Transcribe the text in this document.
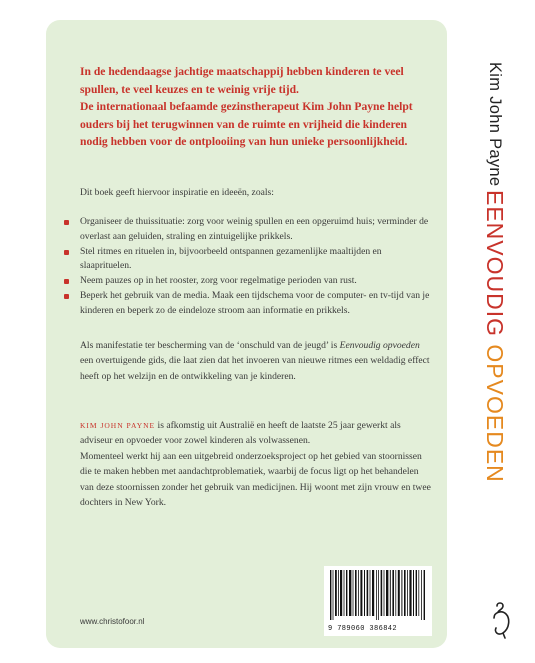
In de hedendaagse jachtige maatschappij hebben kinderen te veel spullen, te veel keuzes en te weinig vrije tijd.

De internationaal befaamde gezinstherapeut Kim John Payne helpt ouders bij het terugwinnen van de ruimte en vrijheid die kinderen nodig hebben voor de ontplooiing van hun unieke persoonlijkheid.

Dit boek geeft hiervoor inspiratie en ideeën, zoals:

Organiseer de thuissituatie: zorg voor weinig spullen en een opgeruimd huis; verminder de overlast aan geluiden, straling en zintuigelijke prikkels.
Stel ritmes en rituelen in, bijvoorbeeld ontspannen gezamenlijke maaltijden en slaaprituelen.
Neem pauzes op in het rooster, zorg voor regelmatige perioden van rust.
Beperk het gebruik van de media. Maak een tijdschema voor de computer- en tv-tijd van je kinderen en beperk zo de eindeloze stroom aan informatie en prikkels.

Als manifestatie ter bescherming van de ‘onschuld van de jeugd’ is Eenvoudig opvoeden een overtuigende gids, die laat zien dat het invoeren van nieuwe ritmes een weldadig effect heeft op het welzijn en de ontwikkeling van je kinderen.

KIM JOHN PAYNE is afkomstig uit Australië en heeft de laatste 25 jaar gewerkt als adviseur en opvoeder voor zowel kinderen als volwassenen.

Momenteel werkt hij aan een uitgebreid onderzoeksproject op het gebied van stoornissen die te maken hebben met aandachtproblematiek, waarbij de focus ligt op het behandelen van deze stoornissen zonder het gebruik van medicijnen. Hij woont met zijn vrouw en twee dochters in New York.

www.christofoor.nl
9 789060 386842
Kim John Payne
EENVOUDIG OPVOEDEN
